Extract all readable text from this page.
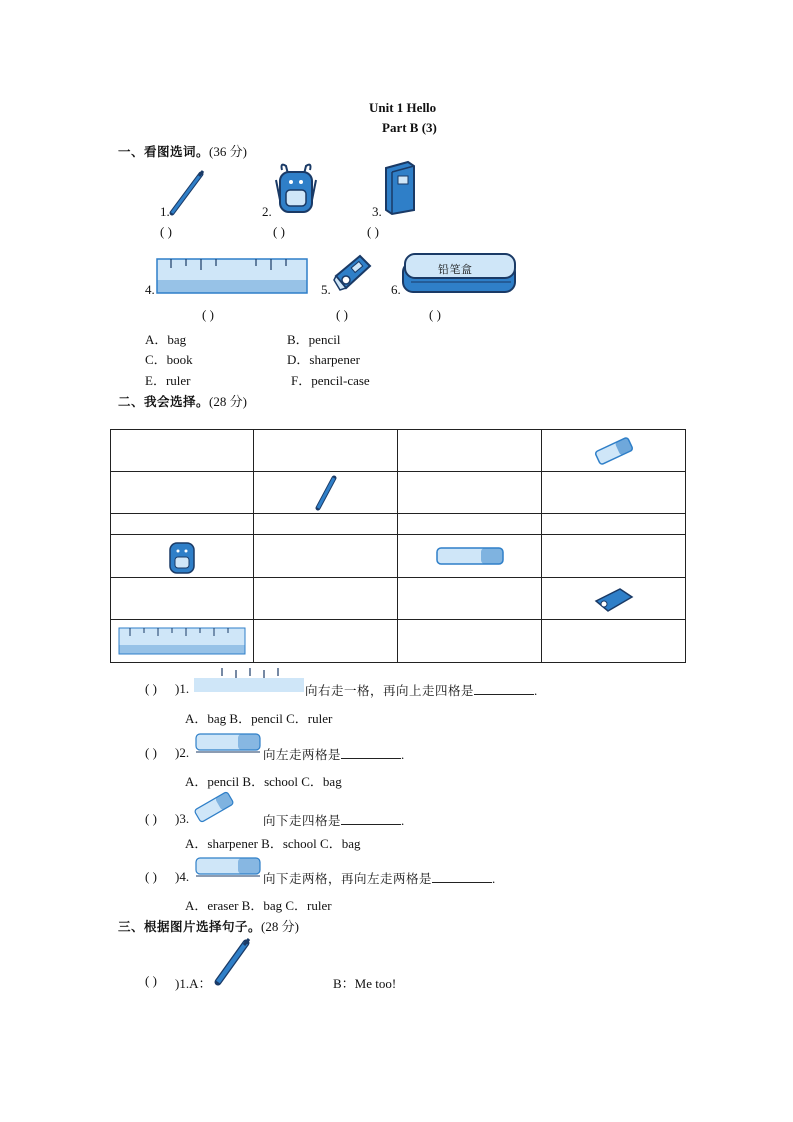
Unit 1 Hello
Part B (3)
一、看图选词。(36 分)
1.	2.	3.
( )	( )	( )
4.	5.	6.
铅笔盒
( )	( )	( )
A．bag	B．pencil
C．book	D．sharpener
E．ruler	F．pencil-case
二、我会选择。(28 分)

( ) )1.	向右走一格，再向上走四格是	.
A．bag B．pencil C．ruler
( ) )2.	向左走两格是	.
A．pencil B．school C．bag
( ) )3.	向下走四格是	.
A．sharpener B．school C．bag
( ) )4.	向下走两格，再向左走两格是	.
A．eraser B．bag C．ruler
三、根据图片选择句子。(28 分)
( ) )1.A：	B：Me too!
